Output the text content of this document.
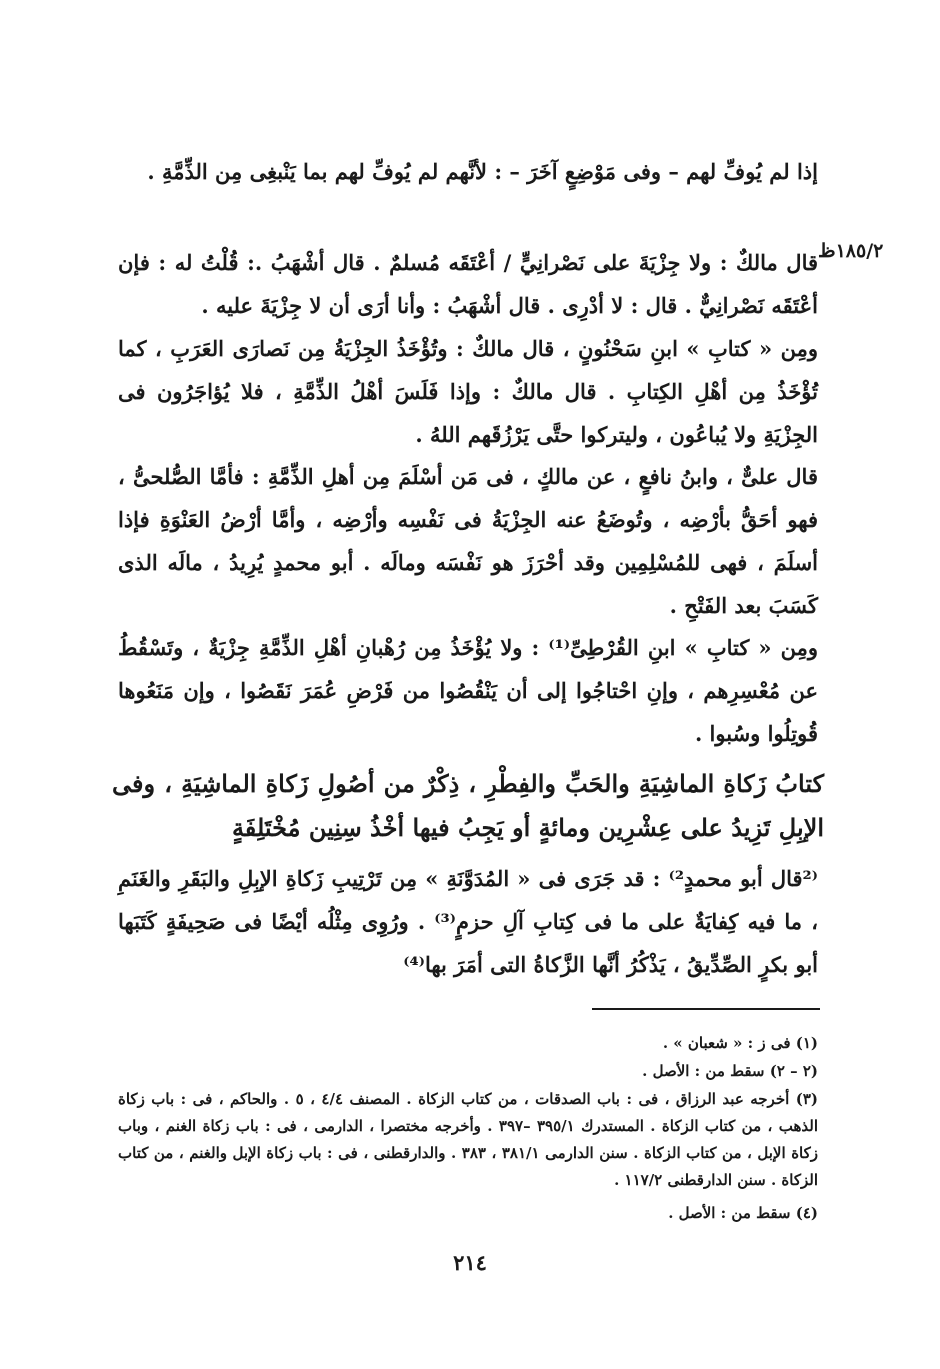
١٨٥/٢ظ

إذا لم يُوفِّ لهم – وفى مَوْضِعٍ آخَرَ – : لأنَّهم لم يُوفِّ لهم بما يَنْبغِى مِن الذِّمَّةِ .

قال مالكٌ : ولا جِزْيَةَ على نَصْرانِيٍّ / أعْتَقَه مُسلمٌ . قال أشْهَبُ .: قُلْتُ له : فإن أعْتَقَه نَصْرانِيٌّ . قال : لا أدْرِى . قال أشْهَبُ : وأنا أرَى أن لا جِزْيَةَ عليه .

ومِن « كتابِ » ابنِ سَحْنُونٍ ، قال مالكٌ : وتُؤْخَذُ الجِزْيَةُ مِن نَصارَى العَرَبِ ، كما تُؤْخَذُ مِن أهْلِ الكِتابِ . قال مالكٌ : وإذا فَلَسَ أهْلُ الذِّمَّةِ ، فلا يُؤاجَرُون فى الجِزْيَةِ ولا يُباعُون ، وليتركوا حتَّى يَرْزُقَهم اللهُ .

قال علىٌّ ، وابنُ نافعٍ ، عن مالكٍ ، فى مَن أسْلَمَ مِن أهلِ الذِّمَّةِ : فأمَّا الصُّلحىُّ ، فهو أحَقُّ بأرْضِه ، وتُوضَعُ عنه الجِزْيَةُ فى نَفْسِه وأرْضِه ، وأمَّا أرْضُ العَنْوَةِ فإذا أسلَمَ ، فهى للمُسْلِمِين وقد أحْرَزَ هو نَفْسَه ومالَه . أبو محمدٍ يُرِيدُ ، مالَه الذى كَسَبَ بعد الفَتْحِ .

ومِن « كتابِ » ابنِ القُرْطِىِّ⁽¹⁾ : ولا يُؤْخَذُ مِن رُهْبانِ أهْلِ الذِّمَّةِ جِزْيَةٌ ، وتَسْقُطُ عن مُعْسِرِهم ، وإنِ احْتاجُوا إلى أن يَنْقُصُوا من فَرْضِ عُمَرَ نَقَصُوا ، وإن مَنَعُوها قُوتِلُوا وسُبوا .

كتابُ زَكاةِ الماشِيَةِ والحَبِّ والفِطْرِ ، ذِكْرٌ من أصُولِ زَكاةِ الماشِيَةِ ، وفى الإبِلِ تَزِيدُ على عِشْرِين ومائةٍ أو يَجِبُ فيها أخْذُ سِنِين مُخْتَلِفَةٍ

⁽²قال أبو محمدٍ²⁾ : قد جَرَى فى « المُدَوَّنَةِ » مِن تَرْتِيبِ زَكاةِ الإبِلِ والبَقَرِ والغَنَمِ ، ما فيه كِفايَةٌ على ما فى كِتابِ آلِ حزمٍ⁽³⁾ . ورُوِى مِثْلُه أيْضًا فى صَحِيفَةٍ كَتَبَها أبو بكرٍ الصِّدِّيقُ ، يَذْكُرُ أنَّها الزَّكاةُ التى أمَرَ بها⁽⁴⁾

(١) فى ز : « شعبان » .

(٢ – ٢) سقط من : الأصل .

(٣) أخرجه عبد الرزاق ، فى : باب الصدقات ، من كتاب الزكاة . المصنف ٤/٤ ، ٥ . والحاكم ، فى : باب زكاة الذهب ، من كتاب الزكاة . المستدرك ٣٩٥/١ –٣٩٧ . وأخرجه مختصرا ، الدارمى ، فى : باب زكاة الغنم ، وباب زكاة الإبل ، من كتاب الزكاة . سنن الدارمى ٣٨١/١ ، ٣٨٣ . والدارقطنى ، فى : باب زكاة الإبل والغنم ، من كتاب الزكاة . سنن الدارقطنى ١١٧/٢ .

(٤) سقط من : الأصل .

٢١٤
